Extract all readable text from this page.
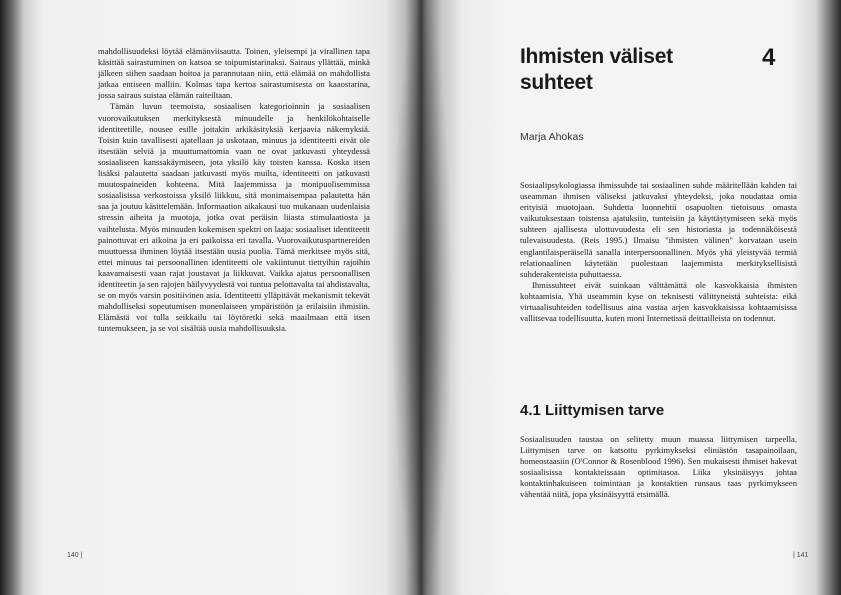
mahdollisuudeksi löytää elämänviisautta. Toinen, yleisempi ja virallinen tapa käsittää sairastuminen on katsoa se toipumistarinaksi. Sairaus yllättää, minkä jälkeen siihen saadaan hoitoa ja parannutaan niin, että elämää on mahdollista jatkaa entiseen malliin. Kolmas tapa kertoa sairastumisesta on kaaostarina, jossa sairaus suistaa elämän raiteiltaan.

Tämän luvun teemoista, sosiaalisen kategorioinnin ja sosiaalisen vuorovaikutuksen merkityksestä minuudelle ja henkilökohtaiselle identiteetille, nousee esille joitakin arkikäsityksiä kerjaavia näkemyksiä. Toisin kuin tavallisesti ajatellaan ja uskotaan, minuus ja identiteetti eivät ole itsestään selviä ja muuttumattomia vaan ne ovat jatkuvasti yhteydessä sosiaaliseen kanssakäymiseen, jota yksilö käy toisten kanssa. Koska itsen lisäksi palautetta saadaan jatkuvasti myös muilta, identiteetti on jatkuvasti muutospaineiden kohteena. Mitä laajemmissa ja monipuolisemmissa sosiaalisissa verkostoissa yksilö liikkuu, sitä monimaisempaa palautetta hän saa ja joutuu käsittelemään. Informaation aikakausi tuo mukanaan uudenlaisia stressin aiheita ja muotoja, jotka ovat peräisin liiasta stimulaatiosta ja vaihtelusta. Myös minuuden kokemisen spektri on laaja: sosiaaliset identiteetit painottuvat eri aikoina ja eri paikoissa eri tavalla. Vuorovaikutuspartnereiden muuttuessa ihminen löytää itsestään uusia puolia. Tämä merkitsee myös sitä, ettei minuus tai persoonallinen identiteetti ole vakiintunut tiettyihin rajoihin kaavamaisesti vaan rajat joustavat ja liikkuvat. Vaikka ajatus persoonallisen identiteetin ja sen rajojen häilyvyydestä voi tuntua pelottavalta tai ahdistavalta, se on myös varsin positiivinen asia. Identiteetti ylläpitävät mekanismit tekevät mahdolliseksi sopeutumisen monenlaiseen ympäristöön ja erilaisiin ihmisiin. Elämästä voi tulla seikkailu tai löytöretki sekä maailmaan että itsen tuntemukseen, ja se voi sisältää uusia mahdollisuuksia.

140 |

Sosiaalipsykologiassa ihmissuhde tai sosiaalinen suhde määritellään kahden tai useamman ihmisen väliseksi jatkuvaksi yhteydeksi, joka noudattaa omia erityisiä muotojaan. Suhdetta luonnehtii osapuolten tietoisuus omasta vaikutuksestaan toistensa ajatuksiin, tunteisiin ja käyttäytymiseen sekä myös suhteen ajallisesta ulottuvuudesta eli sen historiasta ja todennäköisestä tulevaisuudesta. (Reis 1995.) Ilmaisu "ihmisten välinen" korvataan usein englantilaisperäisellä sanalla interpersoonallinen. Myös yhä yleistyvää termiä relationaalinen käytetään puolestaan laajemmista merkityksellisistä suhderakenteista puhuttaessa.

Ihmissuhteet eivät suinkaan välttämättä ole kasvokkaisia ihmisten kohtaamisia. Yhä useammin kyse on teknisesti välittyneistä suhteista: eikä virtuaalisuhteiden todellisuus aina vastaa arjen kasvokkaisissa kohtaamisissa vallitsevaa todellisuutta, kuten moni Internetissä deittailleista on todennut.

Sosiaalisuuden taustaa on selitetty muun muassa liittymisen tarpeella. Liittymisen tarve on katsottu pyrkimykseksi eliniästön tasapainoilaan, homeostaasiin (O'Connor & Rosenblood 1996). Sen mukaisesti ihmiset hakevat sosiaalisissa kontakteissaan optimitasoa. Liika yksinäisyys johtaa kontaktinhakuiseen toimintaan ja kontaktien runsaus taas pyrkimykseen vähentää niitä, jopa yksinäisyyttä etsimällä.

| 141
Ihmisten väliset suhteet
4
Marja Ahokas
4.1 Liittymisen tarve
